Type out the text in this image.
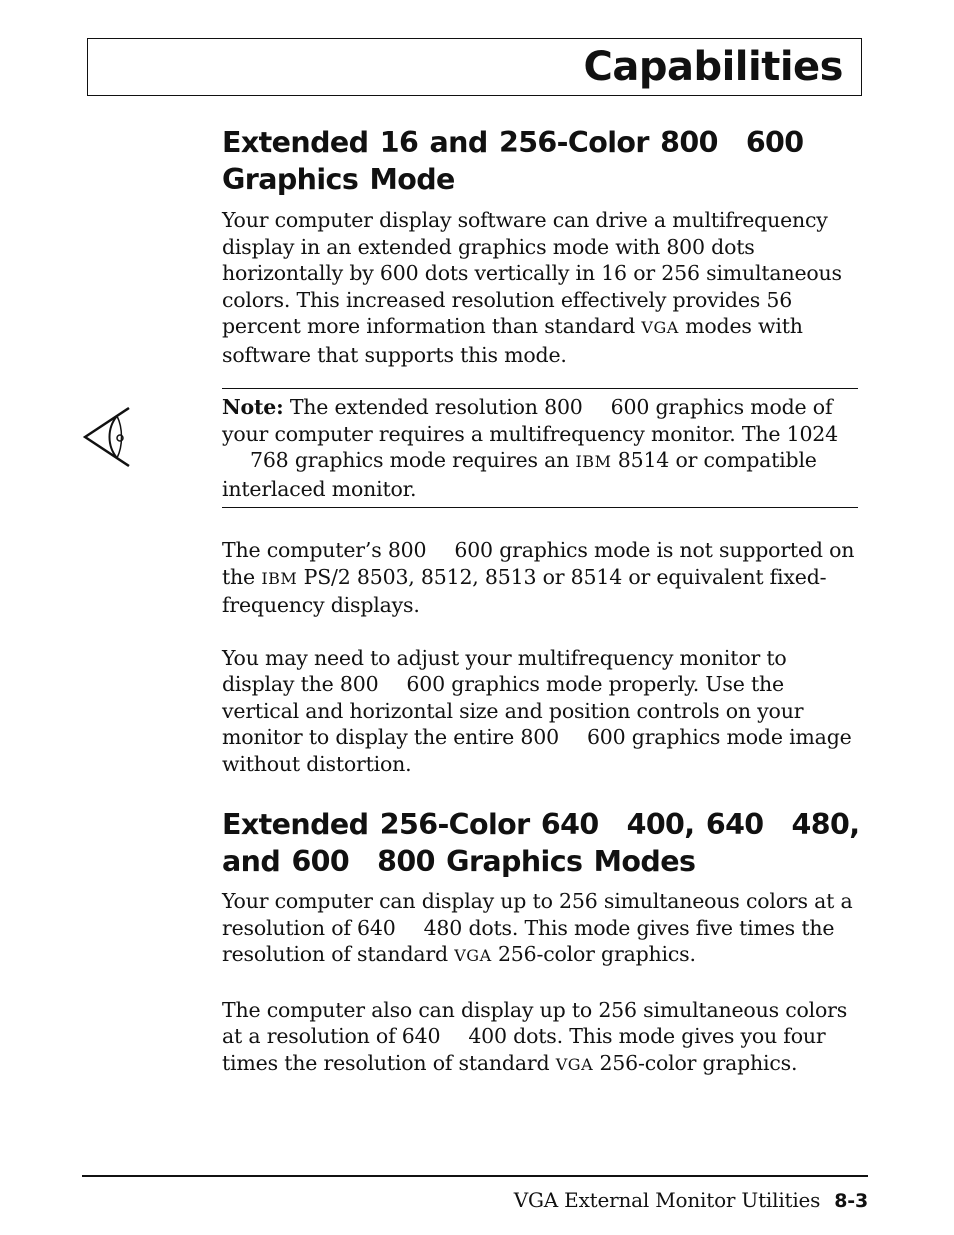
Capabilities
Extended 16 and 256-Color 800 600
Graphics Mode

Your computer display software can drive a multifrequency display in an extended graphics mode with 800 dots horizontally by 600 dots vertically in 16 or 256 simultaneous colors. This increased resolution effectively provides 56 percent more information than standard VGA modes with software that supports this mode.

Note: The extended resolution 800 600 graphics mode of your computer requires a multifrequency monitor. The 1024768 graphics mode requires an IBM 8514 or compatible interlaced monitor.

The computer’s 800 600 graphics mode is not supported on the IBM PS/2 8503, 8512, 8513 or 8514 or equivalent fixed-frequency displays.

You may need to adjust your multifrequency monitor to display the 800 600 graphics mode properly. Use the vertical and horizontal size and position controls on your monitor to display the entire 800 600 graphics mode image without distortion.

Extended 256-Color 640 400, 640 480,
and 600 800 Graphics Modes

Your computer can display up to 256 simultaneous colors at a resolution of 640 480 dots. This mode gives five times the resolution of standard VGA 256-color graphics.

The computer also can display up to 256 simultaneous colors at a resolution of 640 400 dots. This mode gives you four times the resolution of standard VGA 256-color graphics.

VGA External Monitor Utilities 8-3
